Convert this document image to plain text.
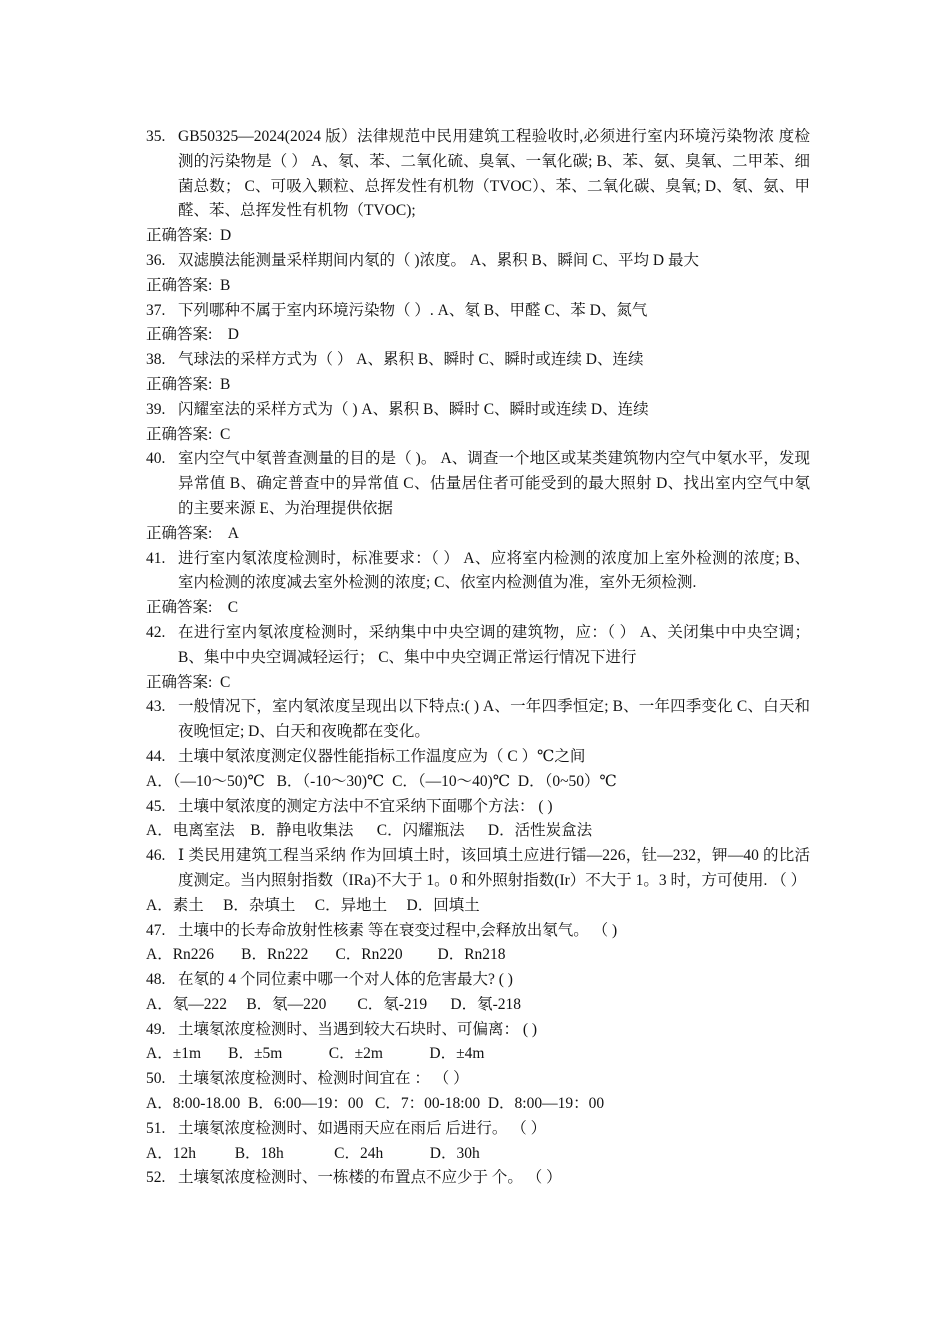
35. GB50325—2024(2024 版）法律规范中民用建筑工程验收时,必须进行室内环境污染物浓 度检测的污染物是（ ） A、氡、苯、二氧化硫、臭氧、一氧化碳; B、苯、氨、臭氧、二甲苯、细菌总数； C、可吸入颗粒、总挥发性有机物（TVOC）、苯、二氧化碳、臭氧; D、氡、氨、甲醛、苯、总挥发性有机物（TVOC);
正确答案:  D
36. 双滤膜法能测量采样期间内氡的（ )浓度。 A、累积 B、瞬间 C、平均 D 最大
正确答案:  B
37. 下列哪种不属于室内环境污染物（ ）. A、氡 B、甲醛 C、苯 D、氮气
正确答案:    D
38. 气球法的采样方式为（ ） A、累积 B、瞬时 C、瞬时或连续 D、连续
正确答案:  B
39. 闪耀室法的采样方式为（ ) A、累积 B、瞬时 C、瞬时或连续 D、连续
正确答案:  C
40. 室内空气中氡普查测量的目的是（ )。 A、调查一个地区或某类建筑物内空气中氡水平，发现异常值 B、确定普查中的异常值 C、估量居住者可能受到的最大照射 D、找出室内空气中氡的主要来源 E、为治理提供依据
正确答案:    A
41. 进行室内氡浓度检测时，标准要求：（ ） A、应将室内检测的浓度加上室外检测的浓度; B、室内检测的浓度减去室外检测的浓度; C、依室内检测值为准，室外无须检测.
正确答案:    C
42. 在进行室内氡浓度检测时，采纳集中中央空调的建筑物，应：（ ） A、关闭集中中央空调； B、集中中央空调减轻运行； C、集中中央空调正常运行情况下进行
正确答案:  C
43. 一般情况下，室内氡浓度呈现出以下特点:( ) A、一年四季恒定; B、一年四季变化 C、白天和夜晚恒定; D、白天和夜晚都在变化。
44. 土壤中氡浓度测定仪器性能指标工作温度应为（ C ）℃之间
A．（—10～50)℃   B．（-10～30)℃  C．（—10～40)℃  D．（0~50）℃
45. 土壤中氡浓度的测定方法中不宜采纳下面哪个方法： ( )
A．电离室法    B．静电收集法      C．闪耀瓶法      D．活性炭盒法
46. Ⅰ 类民用建筑工程当采纳 作为回填土时，该回填土应进行镭—226，钍—232，钾—40 的比活度测定。当内照射指数（IRa)不大于 1。0 和外照射指数(Ir）不大于 1。3 时，方可使用. （ ）
A．素土     B．杂填土     C．异地土     D．回填土
47. 土壤中的长寿命放射性核素 等在衰变过程中,会释放出氡气。 （ )
A．Rn226       B．Rn222       C．Rn220         D．Rn218
48. 在氡的 4 个同位素中哪一个对人体的危害最大? ( )
A．氡—222     B．氡—220        C．氡-219      D．氡-218
49. 土壤氡浓度检测时、当遇到较大石块时、可偏离： ( )
A．±1m       B．±5m            C．±2m            D．±4m
50. 土壤氡浓度检测时、检测时间宜在 ： （ ）
A．8:00-18.00  B．6:00—19：00   C．7：00-18:00  D．8:00—19：00
51. 土壤氡浓度检测时、如遇雨天应在雨后 后进行。 （ ）
A．12h          B．18h             C．24h            D．30h
52. 土壤氡浓度检测时、一栋楼的布置点不应少于 个。 （ ）
